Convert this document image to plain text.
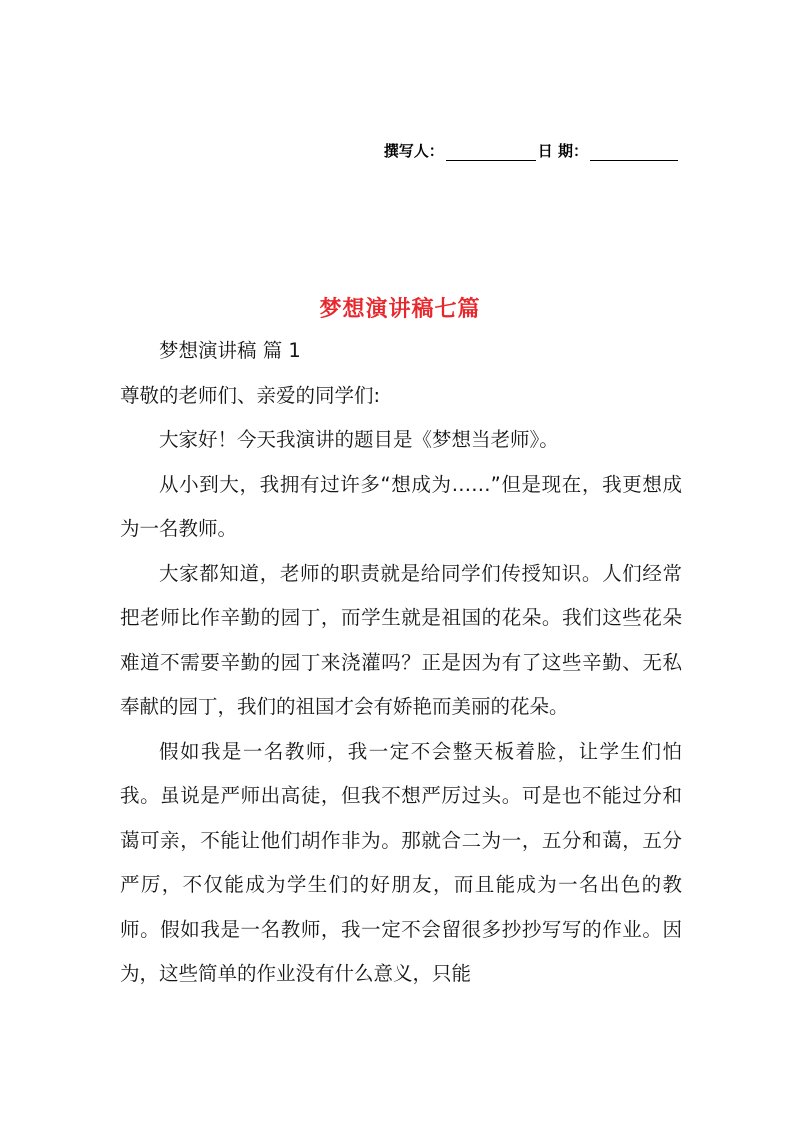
撰写人：	日 期：
梦想演讲稿七篇

梦想演讲稿 篇 1

尊敬的老师们、亲爱的同学们:

大家好！今天我演讲的题目是《梦想当老师》。

从小到大，我拥有过许多“想成为……”但是现在，我更想成为一名教师。

大家都知道，老师的职责就是给同学们传授知识。人们经常把老师比作辛勤的园丁，而学生就是祖国的花朵。我们这些花朵难道不需要辛勤的园丁来浇灌吗？正是因为有了这些辛勤、无私奉献的园丁，我们的祖国才会有娇艳而美丽的花朵。

假如我是一名教师，我一定不会整天板着脸，让学生们怕我。虽说是严师出高徒，但我不想严厉过头。可是也不能过分和蔼可亲，不能让他们胡作非为。那就合二为一，五分和蔼，五分严厉，不仅能成为学生们的好朋友，而且能成为一名出色的教师。假如我是一名教师，我一定不会留很多抄抄写写的作业。因为，这些简单的作业没有什么意义，只能
